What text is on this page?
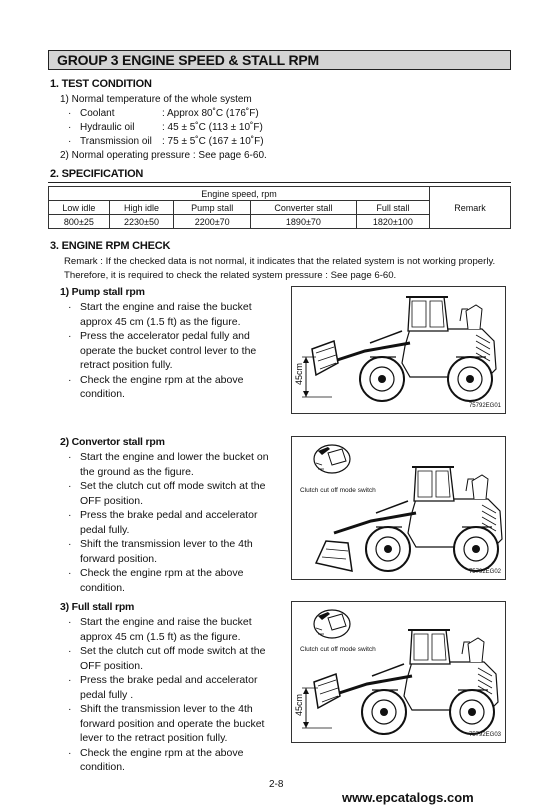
GROUP 3 ENGINE SPEED & STALL RPM
1. TEST CONDITION
1) Normal temperature of the whole system
· Coolant	: Approx 80˚C (176˚F)
· Hydraulic oil	: 45 ± 5˚C (113 ± 10˚F)
· Transmission oil : 75 ± 5˚C (167 ± 10˚F)
2) Normal operating pressure : See page 6-60.
2. SPECIFICATION
Engine speed, rpm					Remark
Low idle	High idle	Pump stall	Converter stall	Full stall	
800±25	2230±50	2200±70	1890±70	1820±100	
3. ENGINE RPM CHECK
Remark : If the checked data is not normal, it indicates that the related system is not working properly.
Therefore, it is required to check the related system pressure : See page 6-60.
1) Pump stall rpm
· Start the engine and raise the bucket
approx 45 cm (1.5 ft) as the figure.
· Press the accelerator pedal fully and
operate the bucket control lever to the
retract position fully.
· Check the engine rpm at the above
condition.
45cm
75792EG01
2) Convertor stall rpm
· Start the engine and lower the bucket on
the ground as the figure.
· Set the clutch cut off mode switch at the
OFF position.
· Press the brake pedal and accelerator
pedal fully.
· Shift the transmission lever to the 4th
forward position.
· Check the engine rpm at the above
condition.
Clutch cut off mode switch
75792EG02
3) Full stall rpm
· Start the engine and raise the bucket
approx 45 cm (1.5 ft) as the figure.
· Set the clutch cut off mode switch at the
OFF position.
· Press the brake pedal and accelerator
pedal fully .
· Shift the transmission lever to the 4th
forward position and operate the bucket
lever to the retract position fully.
· Check the engine rpm at the above
condition.
Clutch cut off mode switch
45cm
75792EG03
2-8
www.epcatalogs.com
